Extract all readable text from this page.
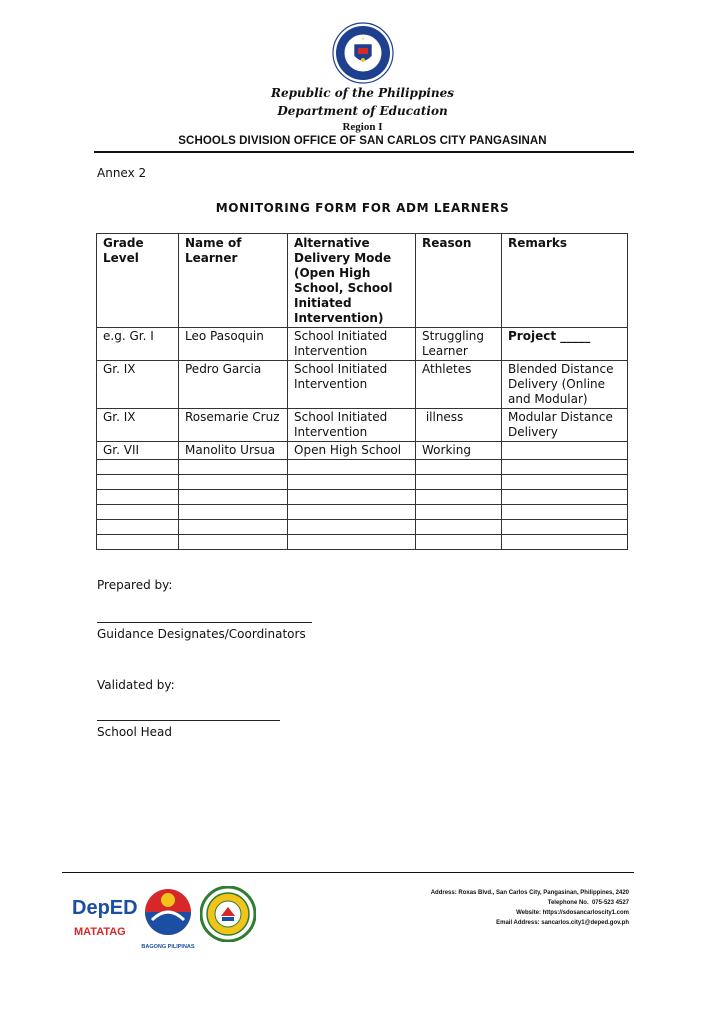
Republic of the Philippines
Department of Education
Region I
SCHOOLS DIVISION OFFICE OF SAN CARLOS CITY PANGASINAN
Annex 2
MONITORING FORM FOR ADM LEARNERS
Grade Level	Name of Learner	Alternative Delivery Mode (Open High School, School Initiated Intervention)	Reason	Remarks
e.g. Gr. I	Leo Pasoquin	School Initiated Intervention	Struggling Learner	Project _____
Gr. IX	Pedro Garcia	School Initiated Intervention	Athletes	Blended Distance Delivery (Online and Modular)
Gr. IX	Rosemarie Cruz	School Initiated Intervention	illness	Modular Distance Delivery
Gr. VII	Manolito Ursua	Open High School	Working	

Prepared by:
Guidance Designates/Coordinators
Validated by:
School Head
DepED
MATATAG
BAGONG PILIPINAS
Address: Roxas Blvd., San Carlos City, Pangasinan, Philippines, 2420
Telephone No.  075-523 4527
Website: https://sdosancarloscity1.com
Email Address: sancarlos.city1@deped.gov.ph
